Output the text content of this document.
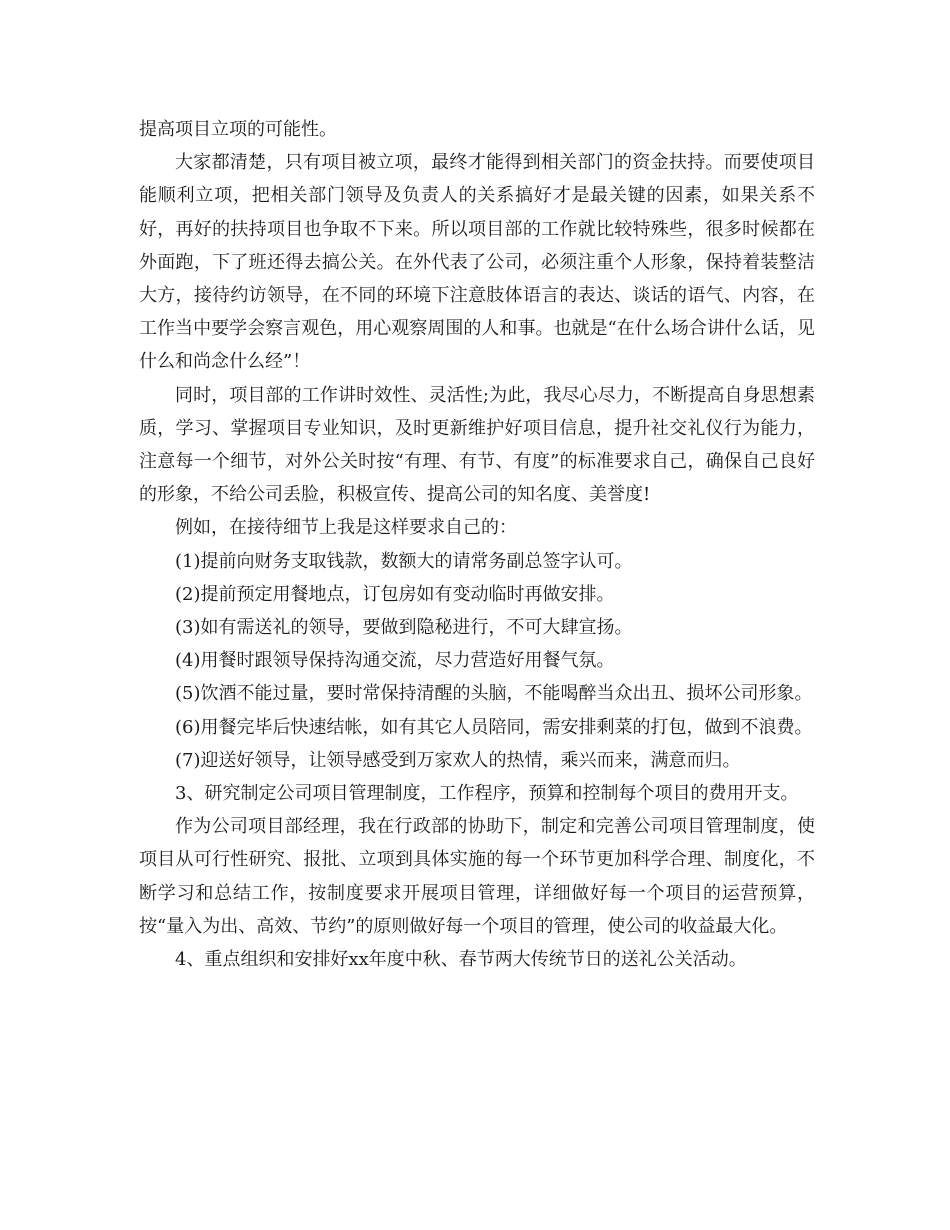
提高项目立项的可能性。

大家都清楚，只有项目被立项，最终才能得到相关部门的资金扶持。而要使项目能顺利立项，把相关部门领导及负责人的关系搞好才是最关键的因素，如果关系不好，再好的扶持项目也争取不下来。所以项目部的工作就比较特殊些，很多时候都在外面跑，下了班还得去搞公关。在外代表了公司，必须注重个人形象，保持着装整洁大方，接待约访领导，在不同的环境下注意肢体语言的表达、谈话的语气、内容，在工作当中要学会察言观色，用心观察周围的人和事。也就是“在什么场合讲什么话，见什么和尚念什么经”！

同时，项目部的工作讲时效性、灵活性;为此，我尽心尽力，不断提高自身思想素质，学习、掌握项目专业知识，及时更新维护好项目信息，提升社交礼仪行为能力，注意每一个细节，对外公关时按“有理、有节、有度”的标准要求自己，确保自己良好的形象，不给公司丢脸，积极宣传、提高公司的知名度、美誉度!

例如，在接待细节上我是这样要求自己的：

(1)提前向财务支取钱款，数额大的请常务副总签字认可。

(2)提前预定用餐地点，订包房如有变动临时再做安排。

(3)如有需送礼的领导，要做到隐秘进行，不可大肆宣扬。

(4)用餐时跟领导保持沟通交流，尽力营造好用餐气氛。

(5)饮酒不能过量，要时常保持清醒的头脑，不能喝醉当众出丑、损坏公司形象。

(6)用餐完毕后快速结帐，如有其它人员陪同，需安排剩菜的打包，做到不浪费。

(7)迎送好领导，让领导感受到万家欢人的热情，乘兴而来，满意而归。

3、研究制定公司项目管理制度，工作程序，预算和控制每个项目的费用开支。

作为公司项目部经理，我在行政部的协助下，制定和完善公司项目管理制度，使项目从可行性研究、报批、立项到具体实施的每一个环节更加科学合理、制度化，不断学习和总结工作，按制度要求开展项目管理，详细做好每一个项目的运营预算，按“量入为出、高效、节约”的原则做好每一个项目的管理，使公司的收益最大化。

4、重点组织和安排好xx年度中秋、春节两大传统节日的送礼公关活动。
